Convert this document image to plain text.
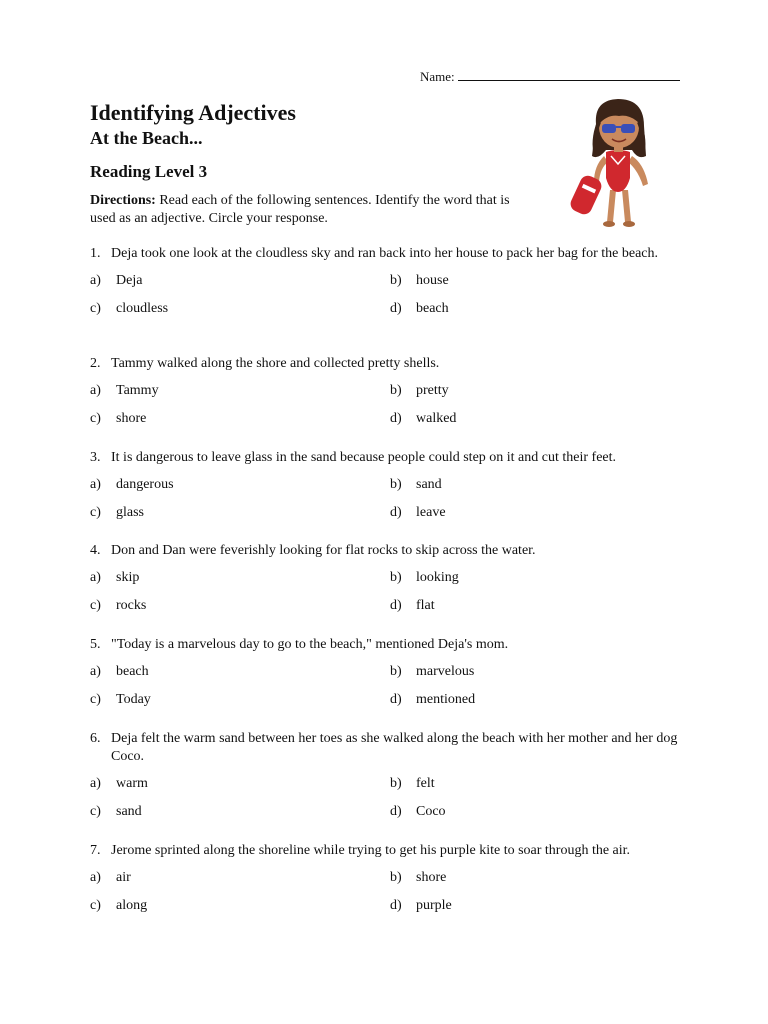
Name:
Identifying Adjectives
At the Beach...
Reading Level 3

Directions: Read each of the following sentences. Identify the word that is used as an adjective. Circle your response.

1. Deja took one look at the cloudless sky and ran back into her house to pack her bag for the beach.
a) Deja	b) house
c) cloudless	d) beach
2. Tammy walked along the shore and collected pretty shells.
a) Tammy	b) pretty
c) shore	d) walked
3. It is dangerous to leave glass in the sand because people could step on it and cut their feet.
a) dangerous	b) sand
c) glass	d) leave
4. Don and Dan were feverishly looking for flat rocks to skip across the water.
a) skip	b) looking
c) rocks	d) flat
5. "Today is a marvelous day to go to the beach," mentioned Deja's mom.
a) beach	b) marvelous
c) Today	d) mentioned
6. Deja felt the warm sand between her toes as she walked along the beach with her mother and her dog Coco.
a) warm	b) felt
c) sand	d) Coco
7. Jerome sprinted along the shoreline while trying to get his purple kite to soar through the air.
a) air	b) shore
c) along	d) purple
